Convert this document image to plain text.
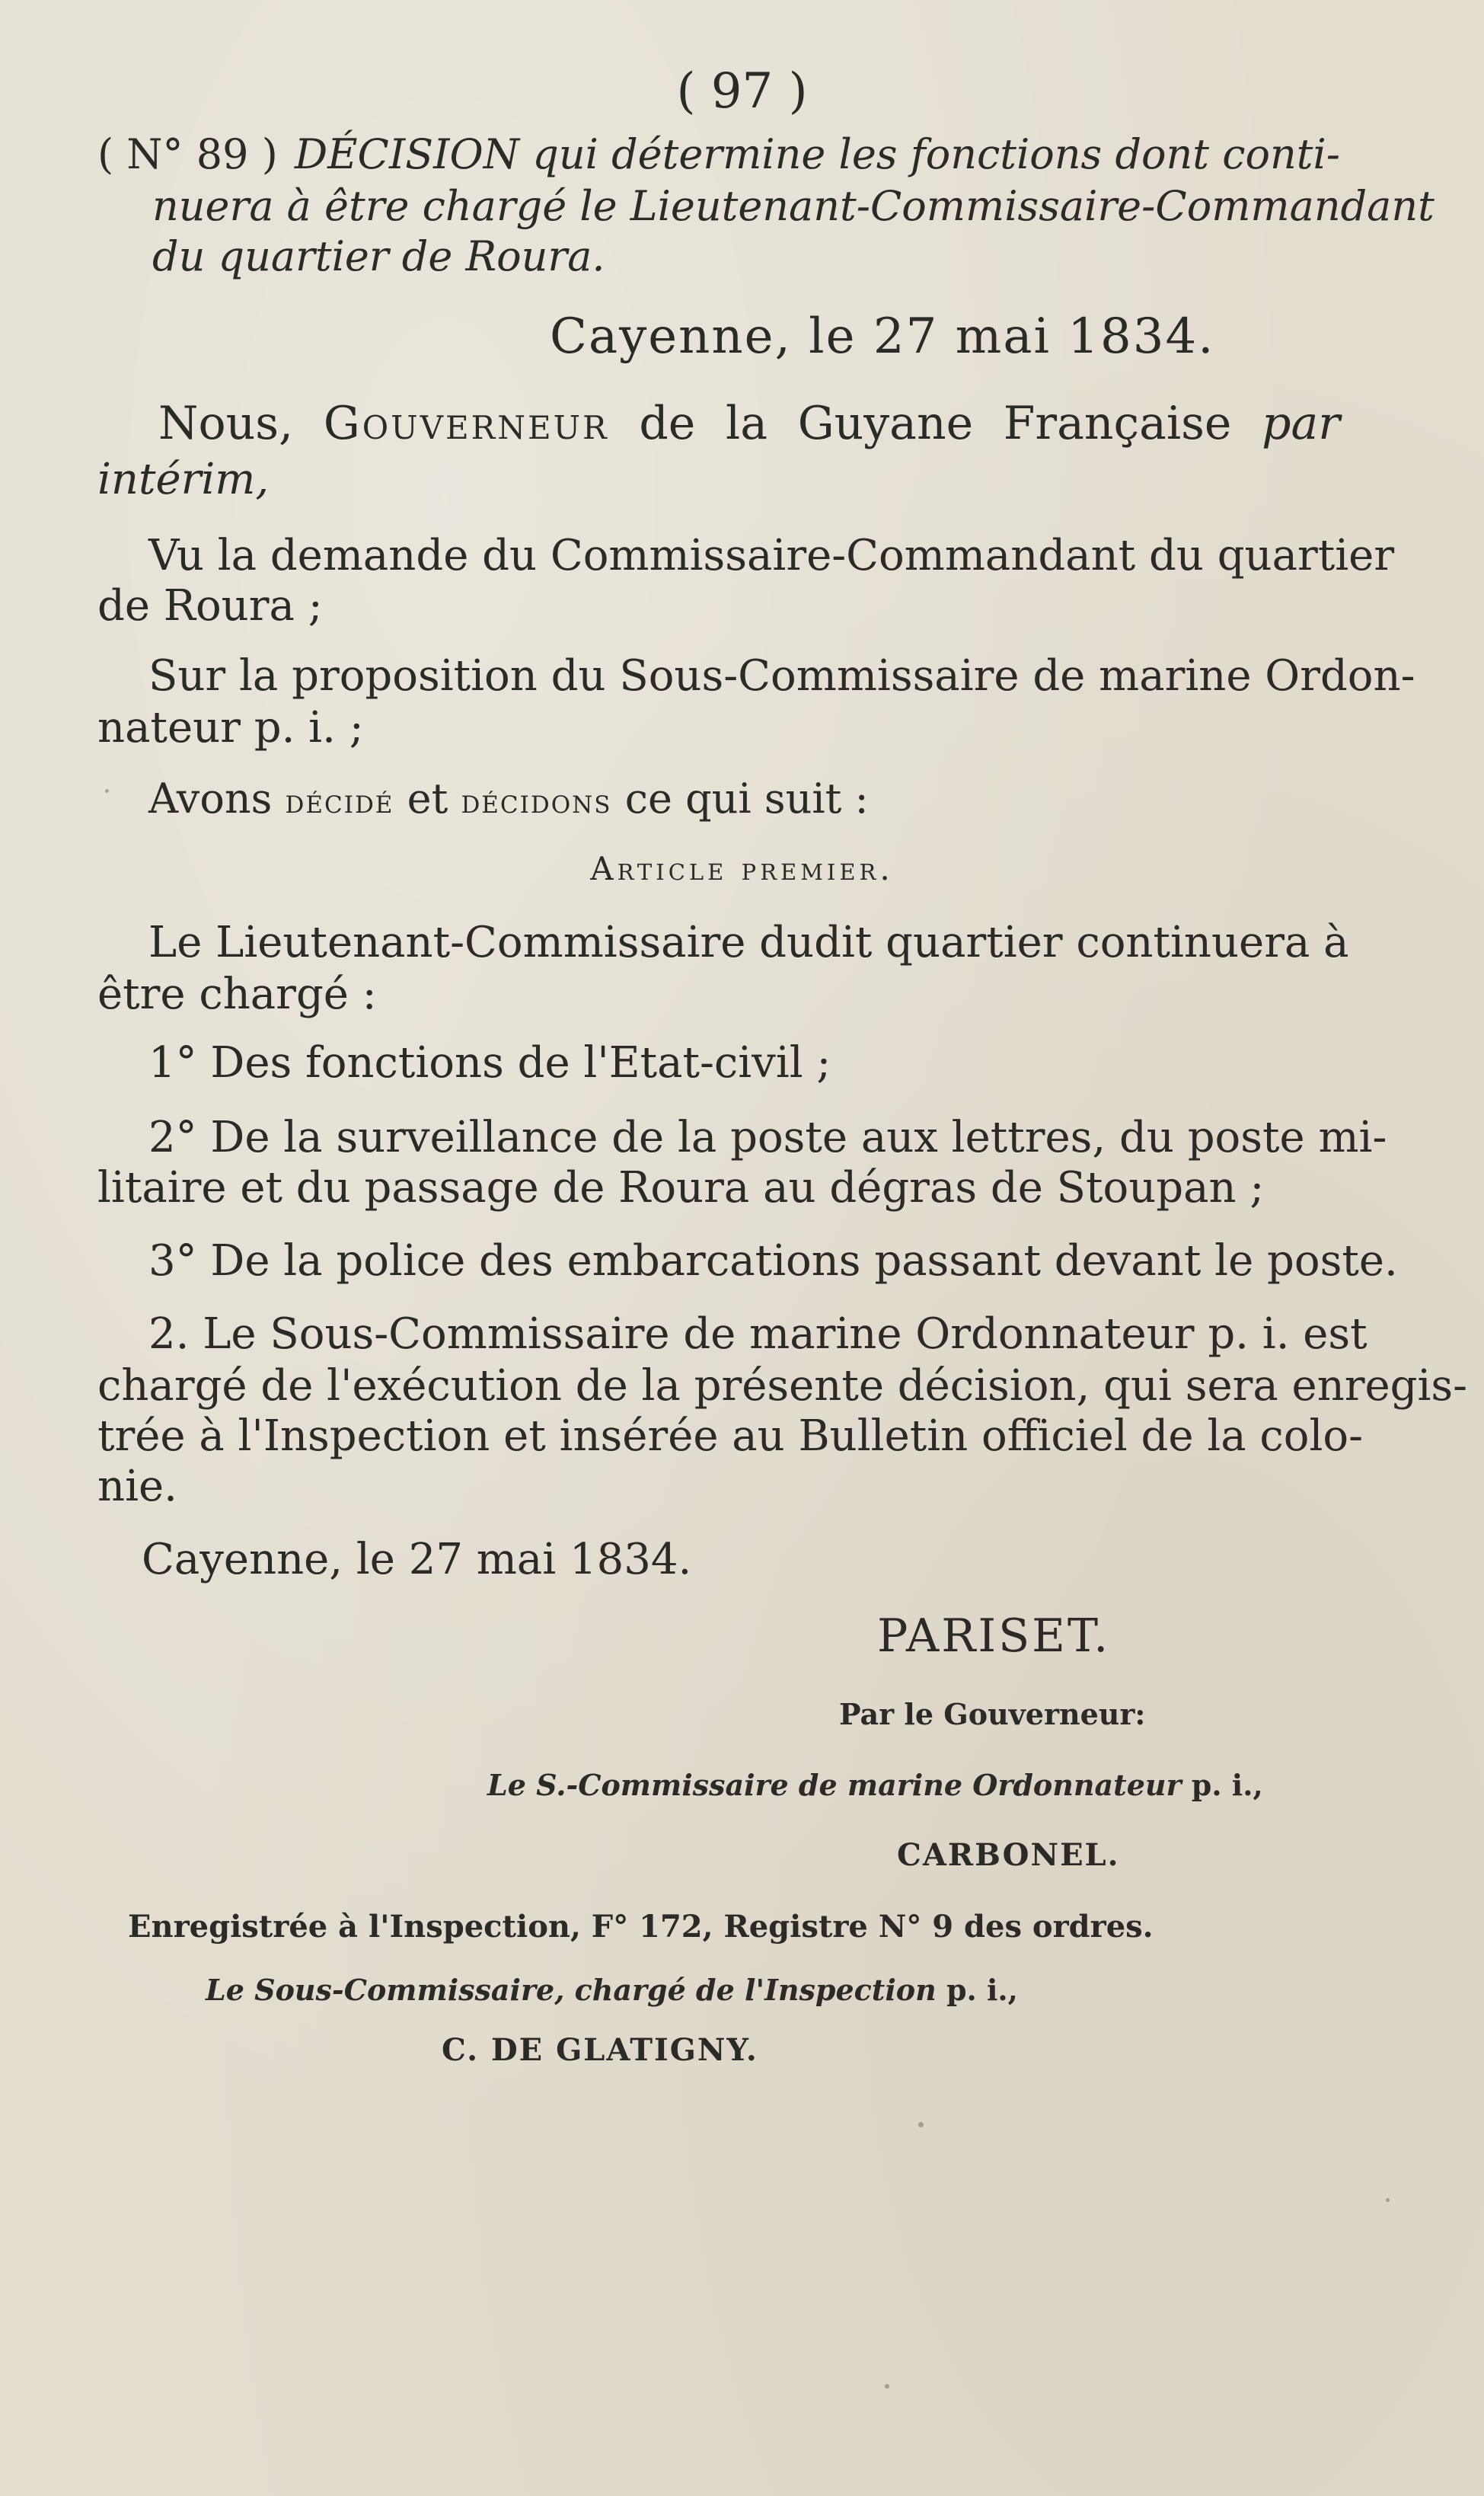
( 97 )

( N° 89 ) DÉCISION qui détermine les fonctions dont conti-

nuera à être chargé le Lieutenant-Commissaire-Commandant

du quartier de Roura.

Cayenne, le 27 mai 1834.

Nous, Gouverneur de la Guyane Française par

intérim,

Vu la demande du Commissaire-Commandant du quartier

de Roura ;

Sur la proposition du Sous-Commissaire de marine Ordon-

nateur p. i. ;

Avons décidé et décidons ce qui suit :

Article premier.

Le Lieutenant-Commissaire dudit quartier continuera à

être chargé :

1° Des fonctions de l'Etat-civil ;

2° De la surveillance de la poste aux lettres, du poste mi-

litaire et du passage de Roura au dégras de Stoupan ;

3° De la police des embarcations passant devant le poste.

2. Le Sous-Commissaire de marine Ordonnateur p. i. est

chargé de l'exécution de la présente décision, qui sera enregis-

trée à l'Inspection et insérée au Bulletin officiel de la colo-

nie.

Cayenne, le 27 mai 1834.

PARISET.

Par le Gouverneur:

Le S.-Commissaire de marine Ordonnateur p. i.,

CARBONEL.

Enregistrée à l'Inspection, F° 172, Registre N° 9 des ordres.

Le Sous-Commissaire, chargé de l'Inspection p. i.,

C. DE GLATIGNY.
